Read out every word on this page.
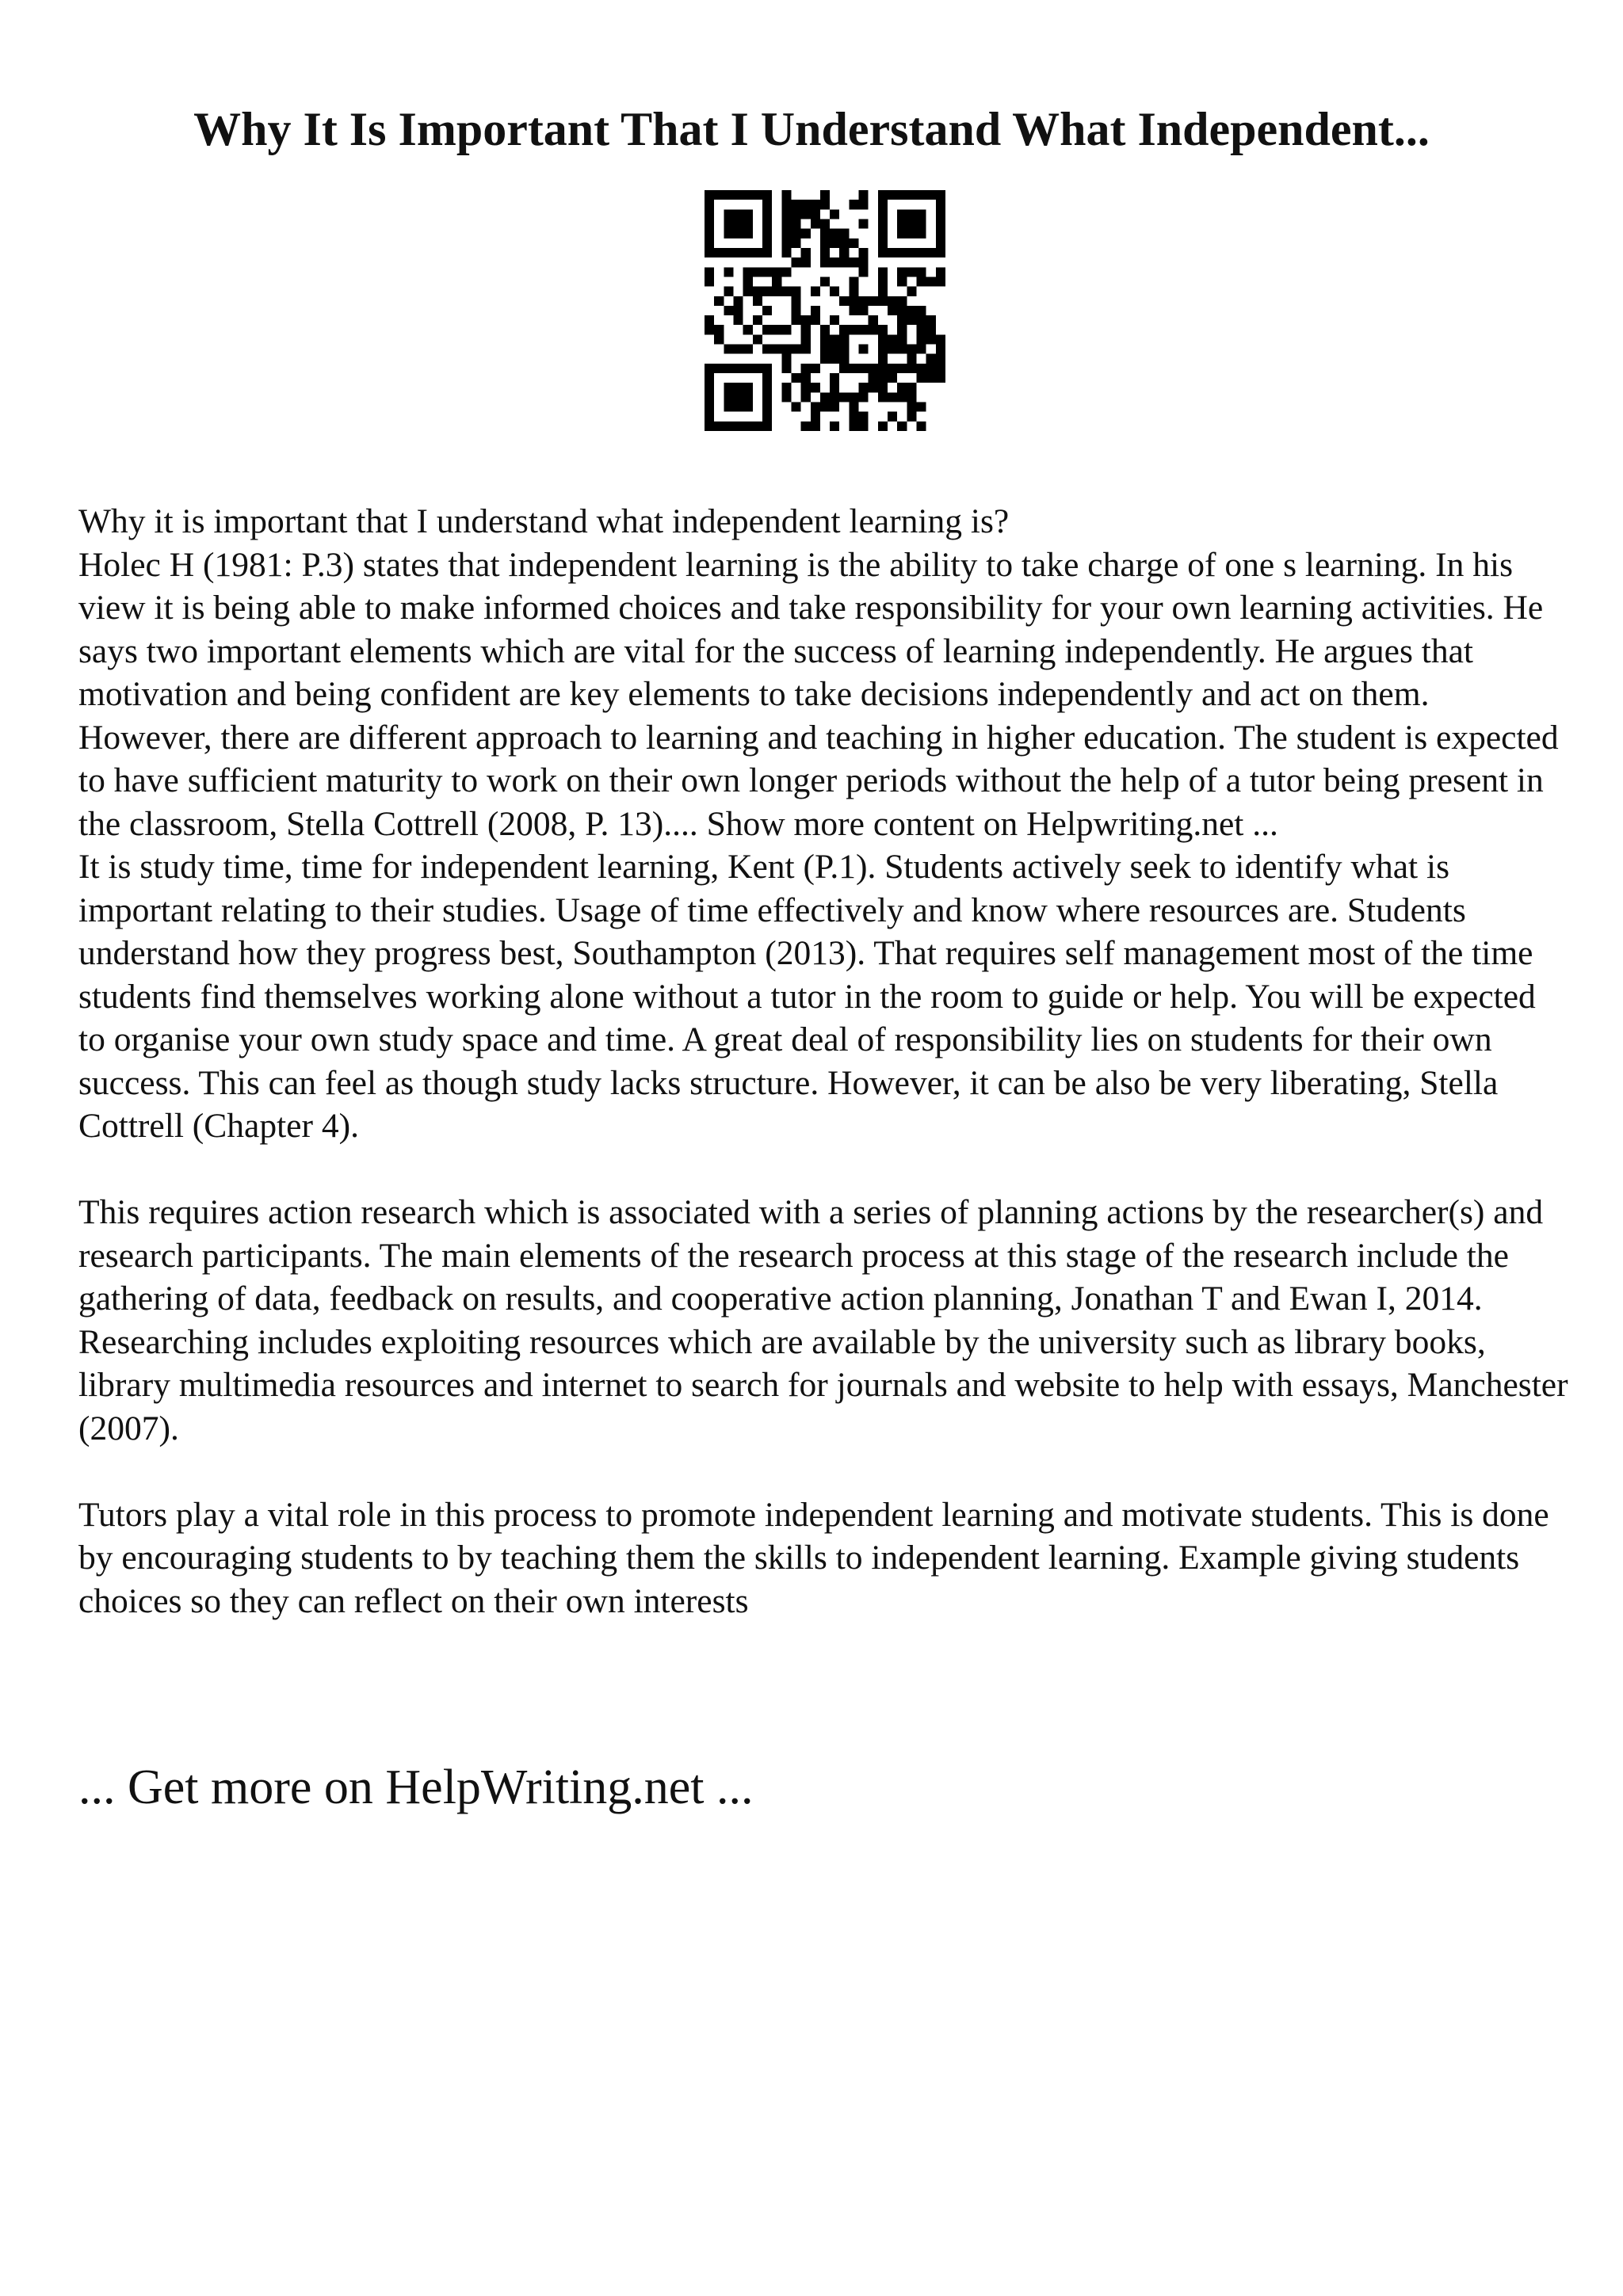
Why It Is Important That I Understand What Independent...

Why it is important that I understand what independent learning is?

Holec H (1981: P.3) states that independent learning is the ability to take charge of one s learning. In his view it is being able to make informed choices and take responsibility for your own learning activities. He says two important elements which are vital for the success of learning independently. He argues that motivation and being confident are key elements to take decisions independently and act on them.

However, there are different approach to learning and teaching in higher education. The student is expected to have sufficient maturity to work on their own longer periods without the help of a tutor being present in the classroom, Stella Cottrell (2008, P. 13).... Show more content on Helpwriting.net ...

It is study time, time for independent learning, Kent (P.1). Students actively seek to identify what is important relating to their studies. Usage of time effectively and know where resources are. Students understand how they progress best, Southampton (2013). That requires self management most of the time students find themselves working alone without a tutor in the room to guide or help. You will be expected to organise your own study space and time. A great deal of responsibility lies on students for their own success. This can feel as though study lacks structure. However, it can be also be very liberating, Stella Cottrell (Chapter 4).

This requires action research which is associated with a series of planning actions by the researcher(s) and research participants. The main elements of the research process at this stage of the research include the gathering of data, feedback on results, and cooperative action planning, Jonathan T and Ewan I, 2014. Researching includes exploiting resources which are available by the university such as library books, library multimedia resources and internet to search for journals and website to help with essays, Manchester (2007).

Tutors play a vital role in this process to promote independent learning and motivate students. This is done by encouraging students to by teaching them the skills to independent learning. Example giving students choices so they can reflect on their own interests

... Get more on HelpWriting.net ...
